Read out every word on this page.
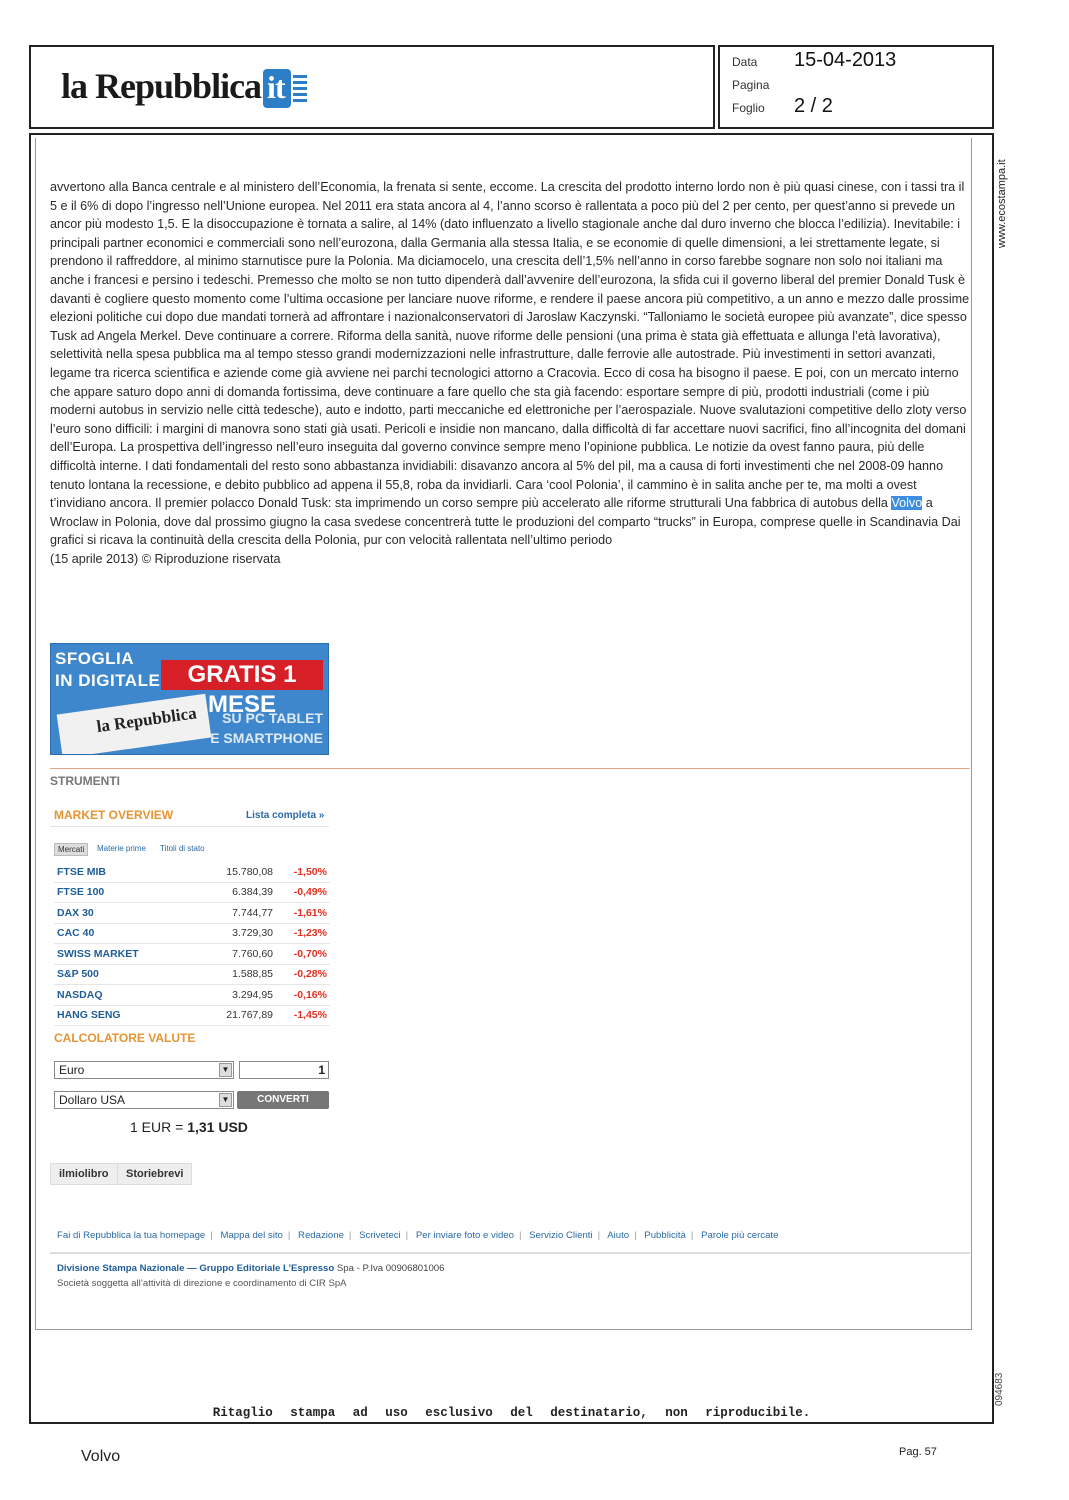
la Repubblica it
Data 15-04-2013
Pagina
Foglio 2 / 2
www.ecostampa.it
094683
avvertono alla Banca centrale e al ministero dell’Economia, la frenata si sente, eccome. La crescita del prodotto interno lordo non è più quasi cinese, con i tassi tra il 5 e il 6% di dopo l’ingresso nell’Unione europea. Nel 2011 era stata ancora al 4, l’anno scorso è rallentata a poco più del 2 per cento, per quest’anno si prevede un ancor più modesto 1,5. E la disoccupazione è tornata a salire, al 14% (dato influenzato a livello stagionale anche dal duro inverno che blocca l’edilizia). Inevitabile: i principali partner economici e commerciali sono nell’eurozona, dalla Germania alla stessa Italia, e se economie di quelle dimensioni, a lei strettamente legate, si prendono il raffreddore, al minimo starnutisce pure la Polonia. Ma diciamocelo, una crescita dell’1,5% nell’anno in corso farebbe sognare non solo noi italiani ma anche i francesi e persino i tedeschi. Premesso che molto se non tutto dipenderà dall’avvenire dell’eurozona, la sfida cui il governo liberal del premier Donald Tusk è davanti è cogliere questo momento come l’ultima occasione per lanciare nuove riforme, e rendere il paese ancora più competitivo, a un anno e mezzo dalle prossime elezioni politiche cui dopo due mandati tornerà ad affrontare i nazionalconservatori di Jaroslaw Kaczynski. “Talloniamo le società europee più avanzate”, dice spesso Tusk ad Angela Merkel. Deve continuare a correre. Riforma della sanità, nuove riforme delle pensioni (una prima è stata già effettuata e allunga l’età lavorativa), selettività nella spesa pubblica ma al tempo stesso grandi modernizzazioni nelle infrastrutture, dalle ferrovie alle autostrade. Più investimenti in settori avanzati, legame tra ricerca scientifica e aziende come già avviene nei parchi tecnologici attorno a Cracovia. Ecco di cosa ha bisogno il paese. E poi, con un mercato interno che appare saturo dopo anni di domanda fortissima, deve continuare a fare quello che sta già facendo: esportare sempre di più, prodotti industriali (come i più moderni autobus in servizio nelle città tedesche), auto e indotto, parti meccaniche ed elettroniche per l’aerospaziale. Nuove svalutazioni competitive dello zloty verso l’euro sono difficili: i margini di manovra sono stati già usati. Pericoli e insidie non mancano, dalla difficoltà di far accettare nuovi sacrifici, fino all’incognita del domani dell’Europa. La prospettiva dell’ingresso nell’euro inseguita dal governo convince sempre meno l’opinione pubblica. Le notizie da ovest fanno paura, più delle difficoltà interne. I dati fondamentali del resto sono abbastanza invidiabili: disavanzo ancora al 5% del pil, ma a causa di forti investimenti che nel 2008-09 hanno tenuto lontana la recessione, e debito pubblico ad appena il 55,8, roba da invidiarli. Cara ‘cool Polonia’, il cammino è in salita anche per te, ma molti a ovest t’invidiano ancora. Il premier polacco Donald Tusk: sta imprimendo un corso sempre più accelerato alle riforme strutturali Una fabbrica di autobus della Volvo a Wroclaw in Polonia, dove dal prossimo giugno la casa svedese concentrerà tutte le produzioni del comparto “trucks” in Europa, comprese quelle in Scandinavia Dai grafici si ricava la continuità della crescita della Polonia, pur con velocità rallentata nell’ultimo periodo
(15 aprile 2013) © Riproduzione riservata
SFOGLIA
IN DIGITALE	GRATIS 1 MESE
la Repubblica	SU PC TABLET
E SMARTPHONE
STRUMENTI
MARKET OVERVIEW	Lista completa »
Mercati	Materie prime	Titoli di stato
FTSE MIB	15.780,08	-1,50%
FTSE 100	6.384,39	-0,49%
DAX 30	7.744,77	-1,61%
CAC 40	3.729,30	-1,23%
SWISS MARKET	7.760,60	-0,70%
S&P 500	1.588,85	-0,28%
NASDAQ	3.294,95	-0,16%
HANG SENG	21.767,89	-1,45%
CALCOLATORE VALUTE
Euro	▼	1
Dollaro USA	▼	CONVERTI
1 EUR = 1,31 USD
ilmiolibro	Storiebrevi
Fai di Repubblica la tua homepage | Mappa del sito | Redazione | Scriveteci | Per inviare foto e video | Servizio Clienti | Aiuto | Pubblicità | Parole più cercate
Divisione Stampa Nazionale — Gruppo Editoriale L’Espresso Spa - P.Iva 00906801006
Società soggetta all’attività di direzione e coordinamento di CIR SpA
Ritaglio stampa ad uso esclusivo del destinatario, non riproducibile.
Volvo	Pag. 57
